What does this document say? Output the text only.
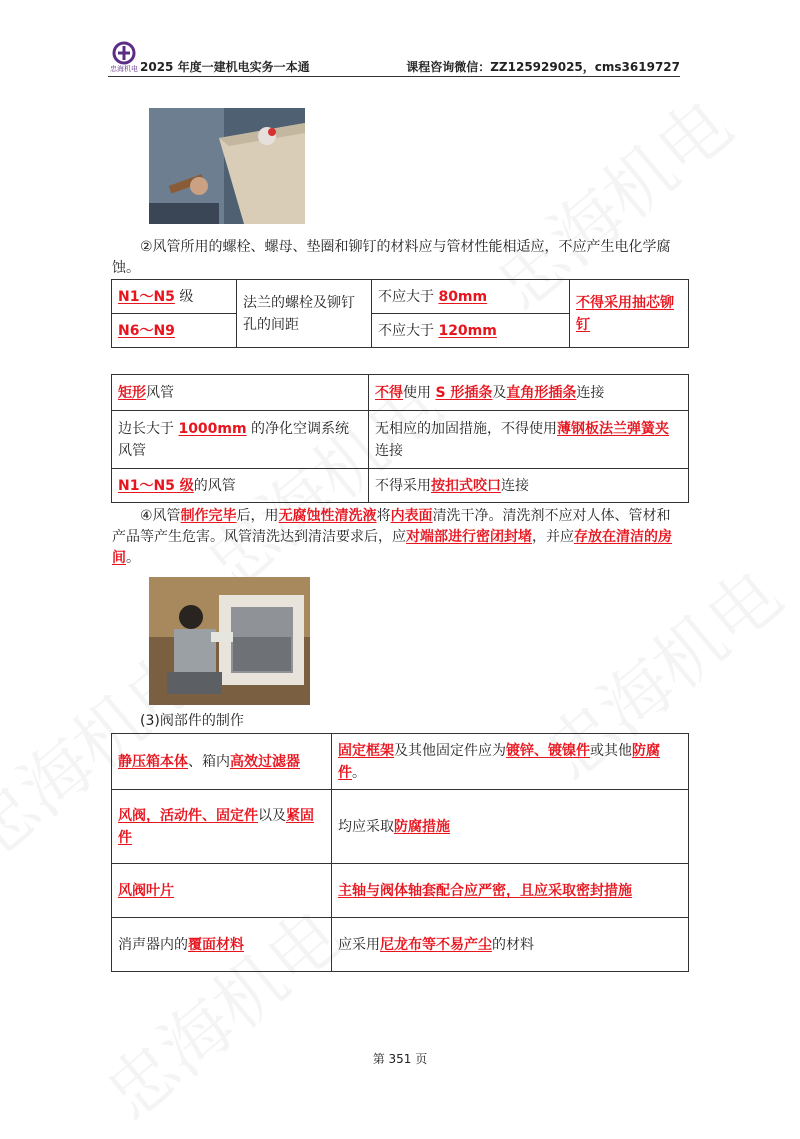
忠海机电 2025 年度一建机电实务一本通	课程咨询微信：ZZ125929025，cms3619727
②风管所用的螺栓、螺母、垫圈和铆钉的材料应与管材性能相适应，不应产生电化学腐蚀。
N1～N5 级	法兰的螺栓及铆钉孔的间距	不应大于 80mm	不得采用抽芯铆钉
N6～N9		不应大于 120mm	
矩形风管	不得使用 S 形插条及直角形插条连接
边长大于 1000mm 的净化空调系统风管	无相应的加固措施，不得使用薄钢板法兰弹簧夹连接
N1～N5 级的风管	不得采用按扣式咬口连接
④风管制作完毕后，用无腐蚀性清洗液将内表面清洗干净。清洗剂不应对人体、管材和产品等产生危害。风管清洗达到清洁要求后，应对端部进行密闭封堵，并应存放在清洁的房间。
(3)阀部件的制作
静压箱本体、箱内高效过滤器	固定框架及其他固定件应为镀锌、镀镍件或其他防腐件。
风阀，活动件、固定件以及紧固件	均应采取防腐措施
风阀叶片	主轴与阀体轴套配合应严密，且应采取密封措施
消声器内的覆面材料	应采用尼龙布等不易产尘的材料
第 351 页
